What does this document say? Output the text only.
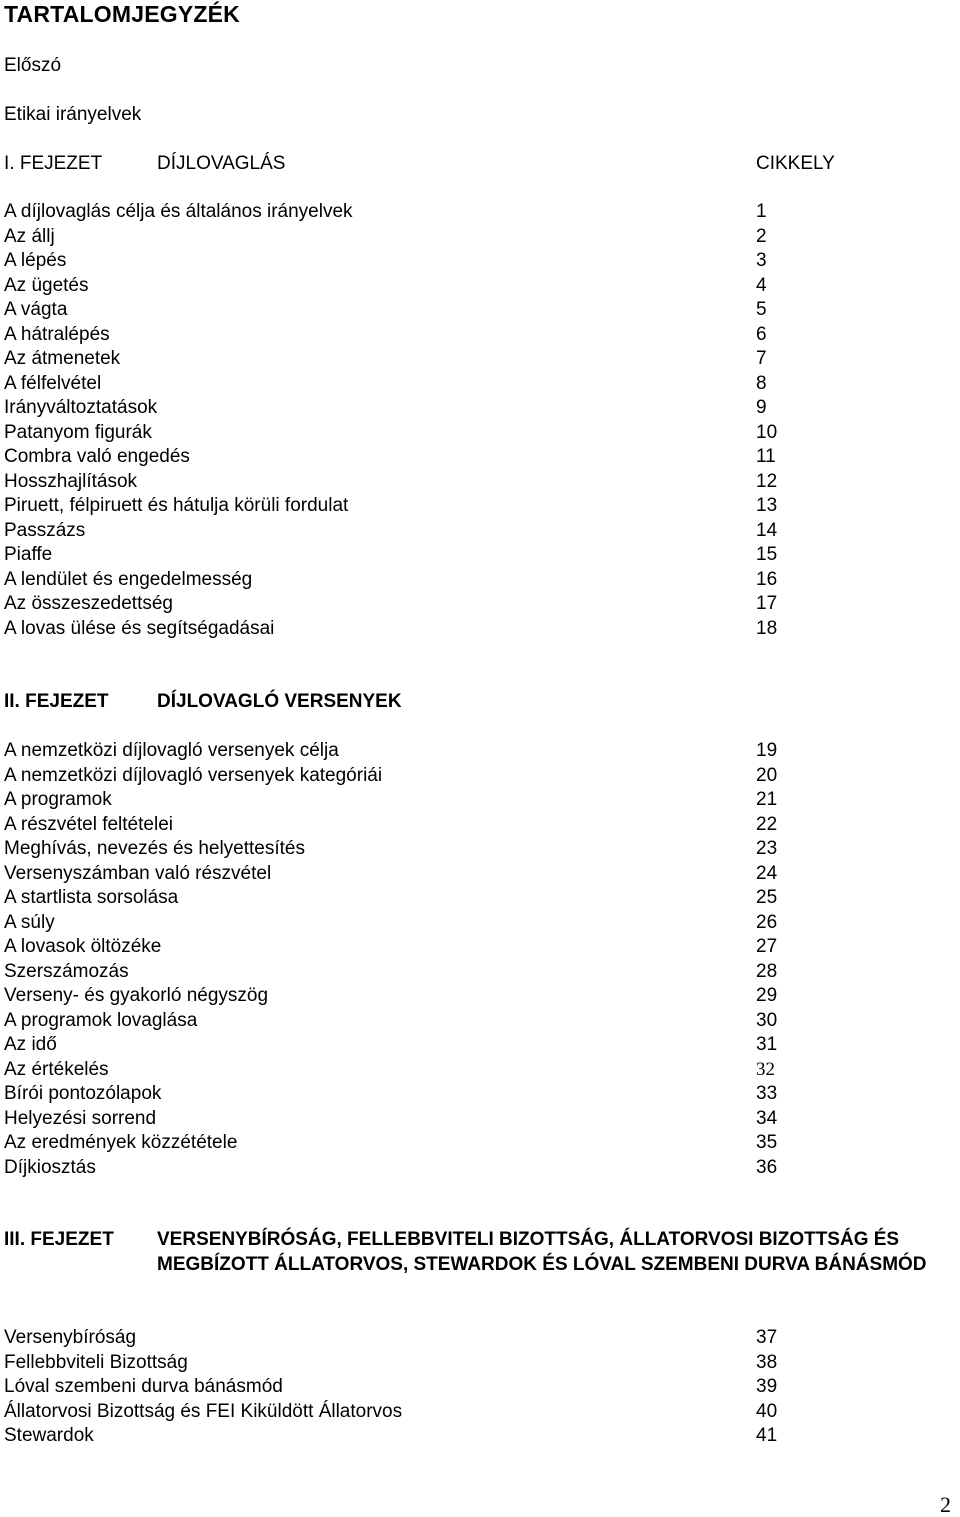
TARTALOMJEGYZÉK
Előszó
Etikai irányelvek
I. FEJEZET	DÍJLOVAGLÁS	CIKKELY
A díjlovaglás célja és általános irányelvek	1
Az állj	2
A lépés	3
Az ügetés	4
A vágta	5
A hátralépés	6
Az átmenetek	7
A félfelvétel	8
Irányváltoztatások	9
Patanyom figurák	10
Combra való engedés	11
Hosszhajlítások	12
Piruett, félpiruett és hátulja körüli fordulat	13
Passzázs	14
Piaffe	15
A lendület és engedelmesség	16
Az összeszedettség	17
A lovas ülése és segítségadásai	18
II. FEJEZET	DÍJLOVAGLÓ VERSENYEK
A nemzetközi díjlovagló versenyek célja	19
A nemzetközi díjlovagló versenyek kategóriái	20
A programok	21
A részvétel feltételei	22
Meghívás, nevezés és helyettesítés	23
Versenyszámban való részvétel	24
A startlista sorsolása	25
A súly	26
A lovasok öltözéke	27
Szerszámozás	28
Verseny- és gyakorló négyszög	29
A programok lovaglása	30
Az idő	31
Az értékelés	32
Bírói pontozólapok	33
Helyezési sorrend	34
Az eredmények közzététele	35
Díjkiosztás	36
III. FEJEZET VERSENYBÍRÓSÁG, FELLEBBVITELI BIZOTTSÁG, ÁLLATORVOSI BIZOTTSÁG ÉS MEGBÍZOTT ÁLLATORVOS, STEWARDOK ÉS LÓVAL SZEMBENI DURVA BÁNÁSMÓD
Versenybíróság	37
Fellebbviteli Bizottság	38
Lóval szembeni durva bánásmód	39
Állatorvosi Bizottság és FEI Kiküldött Állatorvos	40
Stewardok	41
2
